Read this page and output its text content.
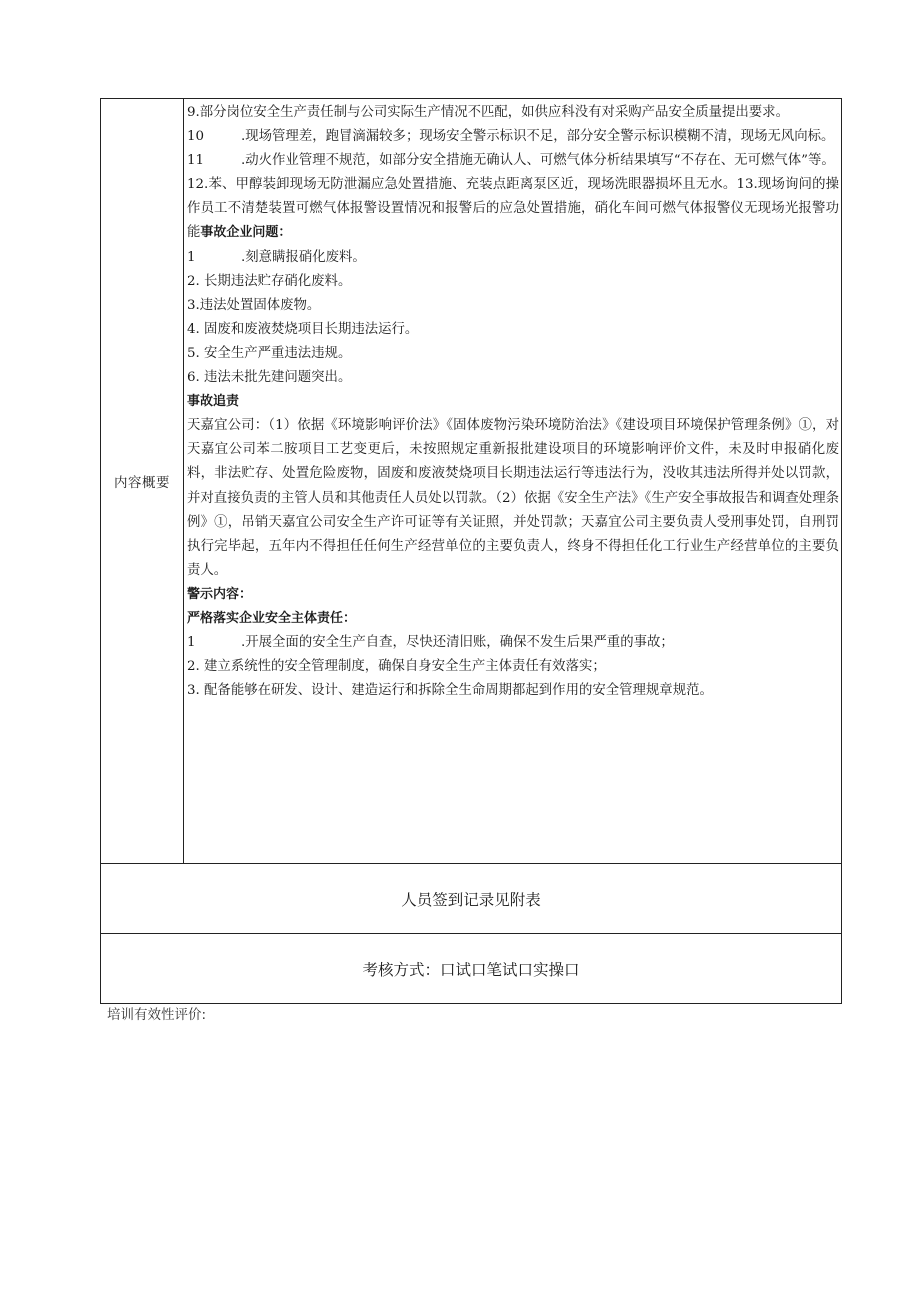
内容概要

9.部分岗位安全生产责任制与公司实际生产情况不匹配，如供应科没有对采购产品安全质量提出要求。

10	.现场管理差，跑冒滴漏较多；现场安全警示标识不足，部分安全警示标识模糊不清，现场无风向标。

11	.动火作业管理不规范，如部分安全措施无确认人、可燃气体分析结果填写“不存在、无可燃气体”等。

12.苯、甲醇装卸现场无防泄漏应急处置措施、充装点距离泵区近，现场洗眼器损坏且无水。13.现场询问的操作员工不清楚装置可燃气体报警设置情况和报警后的应急处置措施，硝化车间可燃气体报警仪无现场光报警功能事故企业问题：

1	.刻意瞒报硝化废料。

2. 长期违法贮存硝化废料。

3.违法处置固体废物。

4. 固废和废液焚烧项目长期违法运行。

5. 安全生产严重违法违规。

6. 违法未批先建问题突出。

事故追责

天嘉宜公司：（1）依据《环境影响评价法》《固体废物污染环境防治法》《建设项目环境保护管理条例》①，对天嘉宜公司苯二胺项目工艺变更后，未按照规定重新报批建设项目的环境影响评价文件，未及时申报硝化废料，非法贮存、处置危险废物，固废和废液焚烧项目长期违法运行等违法行为，没收其违法所得并处以罚款，并对直接负责的主管人员和其他责任人员处以罚款。（2）依据《安全生产法》《生产安全事故报告和调查处理条例》①，吊销天嘉宜公司安全生产许可证等有关证照，并处罚款；天嘉宜公司主要负责人受刑事处罚，自刑罚执行完毕起，五年内不得担任任何生产经营单位的主要负责人，终身不得担任化工行业生产经营单位的主要负责人。

警示内容：

严格落实企业安全主体责任：

1	.开展全面的安全生产自查，尽快还清旧账，确保不发生后果严重的事故；

2. 建立系统性的安全管理制度，确保自身安全生产主体责任有效落实；

3. 配备能够在研发、设计、建造运行和拆除全生命周期都起到作用的安全管理规章规范。

人员签到记录见附表
考核方式：口试口笔试口实操口
培训有效性评价:
